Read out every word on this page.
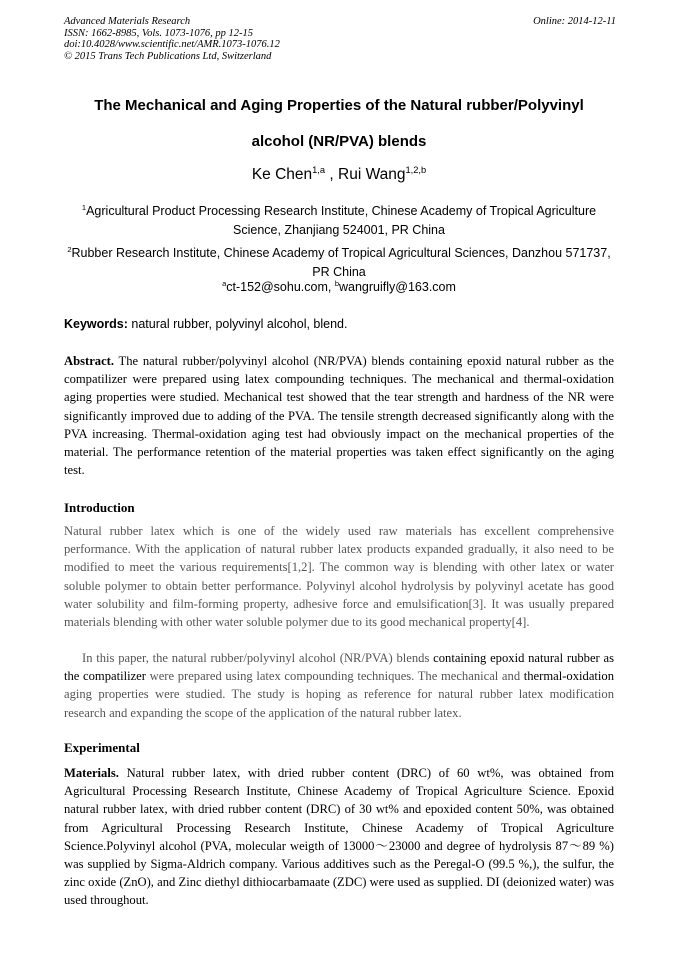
Advanced Materials Research
ISSN: 1662-8985, Vols. 1073-1076, pp 12-15
doi:10.4028/www.scientific.net/AMR.1073-1076.12
© 2015 Trans Tech Publications Ltd, Switzerland
Online: 2014-12-11
The Mechanical and Aging Properties of the Natural rubber/Polyvinyl
alcohol (NR/PVA) blends
Ke Chen$^{1,a}$ , Rui Wang$^{1,2,b}$
$^1$Agricultural Product Processing Research Institute, Chinese Academy of Tropical Agriculture
Science, Zhanjiang 524001, PR China
$^2$Rubber Research Institute, Chinese Academy of Tropical Agricultural Sciences, Danzhou 571737,
PR China
$^a$ct-152@sohu.com, $^b$wangruifly@163.com
Keywords: natural rubber, polyvinyl alcohol, blend.
Abstract. The natural rubber/polyvinyl alcohol (NR/PVA) blends containing epoxid natural rubber as the compatilizer were prepared using latex compounding techniques. The mechanical and thermal-oxidation aging properties were studied. Mechanical test showed that the tear strength and hardness of the NR were significantly improved due to adding of the PVA. The tensile strength decreased significantly along with the PVA increasing. Thermal-oxidation aging test had obviously impact on the mechanical properties of the material. The performance retention of the material properties was taken effect significantly on the aging test.
Introduction
Natural rubber latex which is one of the widely used raw materials has excellent comprehensive performance. With the application of natural rubber latex products expanded gradually, it also need to be modified to meet the various requirements[1,2]. The common way is blending with other latex or water soluble polymer to obtain better performance. Polyvinyl alcohol hydrolysis by polyvinyl acetate has good water solubility and film-forming property, adhesive force and emulsification[3]. It was usually prepared materials blending with other water soluble polymer due to its good mechanical property[4].
In this paper, the natural rubber/polyvinyl alcohol (NR/PVA) blends containing epoxid natural rubber as the compatilizer were prepared using latex compounding techniques. The mechanical and thermal-oxidation aging properties were studied. The study is hoping as reference for natural rubber latex modification research and expanding the scope of the application of the natural rubber latex.
Experimental
Materials. Natural rubber latex, with dried rubber content (DRC) of 60 wt%, was obtained from Agricultural Processing Research Institute, Chinese Academy of Tropical Agriculture Science. Epoxid natural rubber latex, with dried rubber content (DRC) of 30 wt% and epoxided content 50%, was obtained from Agricultural Processing Research Institute, Chinese Academy of Tropical Agriculture Science.Polyvinyl alcohol (PVA, molecular weigth of 13000～23000 and degree of hydrolysis 87～89 %) was supplied by Sigma-Aldrich company. Various additives such as the Peregal-O (99.5 %,), the sulfur, the zinc oxide (ZnO), and Zinc diethyl dithiocarbamaate (ZDC) were used as supplied. DI (deionized water) was used throughout.
